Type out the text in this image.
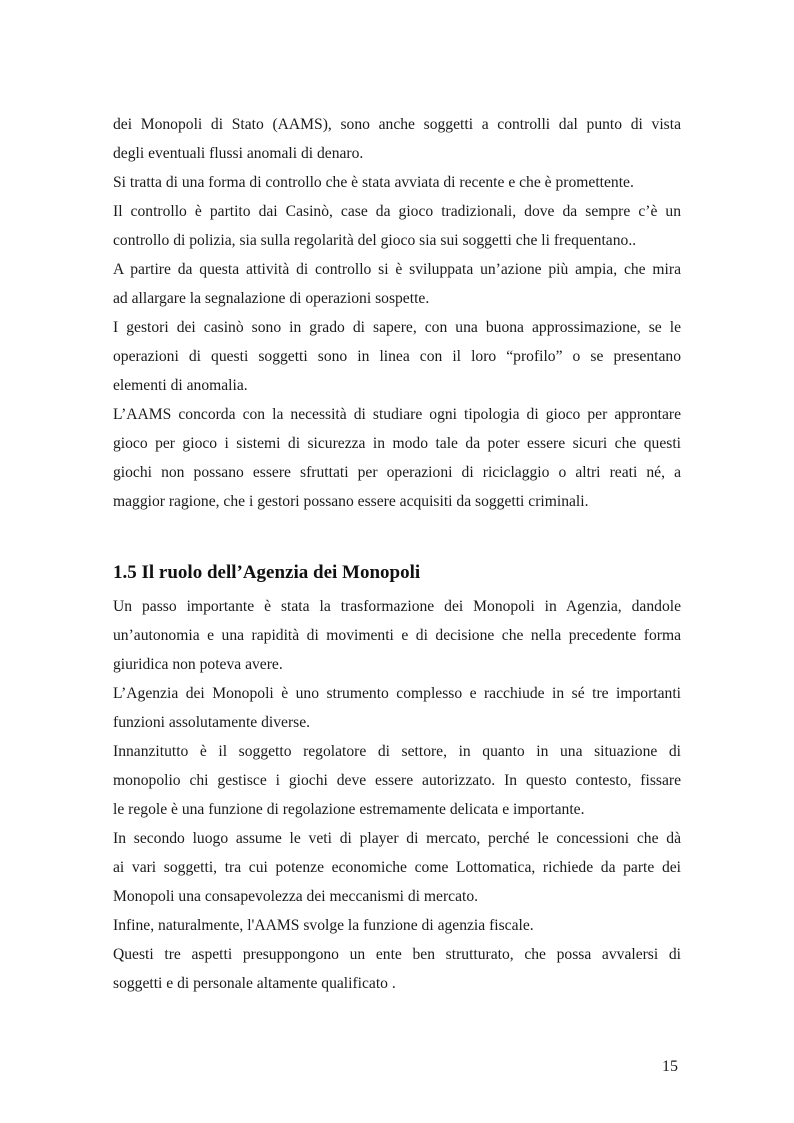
dei Monopoli di Stato (AAMS), sono anche soggetti a controlli dal punto di vista
degli eventuali flussi anomali di denaro.
Si tratta di una forma di controllo che è stata avviata di recente e che è promettente.
Il controllo è partito dai Casinò, case da gioco tradizionali, dove da sempre c’è un
controllo di polizia, sia sulla regolarità del gioco sia sui soggetti che li frequentano..
A partire da questa attività di controllo si è sviluppata un’azione più ampia, che mira
ad allargare la segnalazione di operazioni sospette.
I gestori dei casinò sono in grado di sapere, con una buona approssimazione, se le
operazioni di questi soggetti sono in linea con il loro “profilo” o se presentano
elementi di anomalia.
L’AAMS concorda con la necessità di studiare ogni tipologia di gioco per approntare
gioco per gioco i sistemi di sicurezza in modo tale da poter essere sicuri che questi
giochi non possano essere sfruttati per operazioni di riciclaggio o altri reati né, a
maggior ragione, che i gestori possano essere acquisiti da soggetti criminali.
1.5 Il ruolo dell’Agenzia dei Monopoli
Un passo importante è stata la trasformazione dei Monopoli in Agenzia, dandole
un’autonomia e una rapidità di movimenti e di decisione che nella precedente forma
giuridica non poteva avere.
L’Agenzia dei Monopoli è uno strumento complesso e racchiude in sé tre importanti
funzioni assolutamente diverse.
Innanzitutto è il soggetto regolatore di settore, in quanto in una situazione di
monopolio chi gestisce i giochi deve essere autorizzato. In questo contesto, fissare
le regole è una funzione di regolazione estremamente delicata e importante.
In secondo luogo assume le veti di player di mercato, perché le concessioni che dà
ai vari soggetti, tra cui potenze economiche come Lottomatica, richiede da parte dei
Monopoli una consapevolezza dei meccanismi di mercato.
Infine, naturalmente, l'AAMS svolge la funzione di agenzia fiscale.
Questi tre aspetti presuppongono un ente ben strutturato, che possa avvalersi di
soggetti e di personale altamente qualificato .
15
